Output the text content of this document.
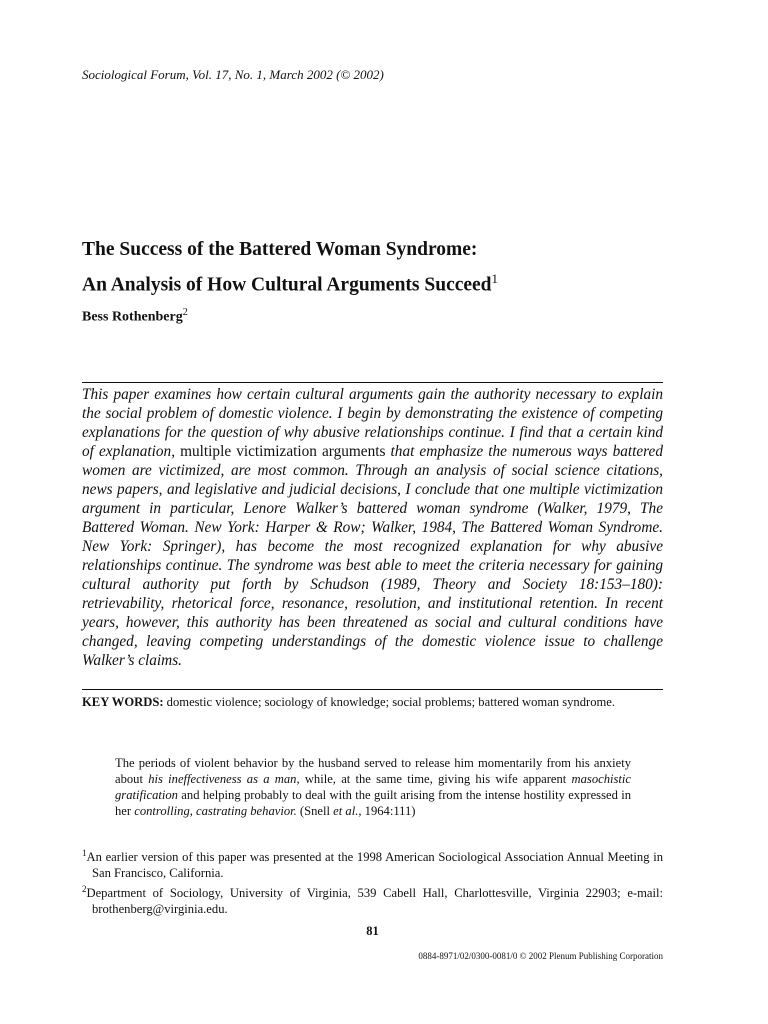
Sociological Forum, Vol. 17, No. 1, March 2002 (© 2002)
The Success of the Battered Woman Syndrome:
An Analysis of How Cultural Arguments Succeed$^1$
Bess Rothenberg$^2$

This paper examines how certain cultural arguments gain the authority necessary to explain the social problem of domestic violence. I begin by demonstrating the existence of competing explanations for the question of why abusive relationships continue. I find that a certain kind of explanation, multiple victimization arguments that emphasize the numerous ways battered women are victimized, are most common. Through an analysis of social science citations, news papers, and legislative and judicial decisions, I conclude that one multiple victimization argument in particular, Lenore Walker’s battered woman syndrome (Walker, 1979, The Battered Woman. New York: Harper & Row; Walker, 1984, The Battered Woman Syndrome. New York: Springer), has become the most recognized explanation for why abusive relationships continue. The syndrome was best able to meet the criteria necessary for gaining cultural authority put forth by Schudson (1989, Theory and Society 18:153–180): retrievability, rhetorical force, resonance, resolution, and institutional retention. In recent years, however, this authority has been threatened as social and cultural conditions have changed, leaving competing understandings of the domestic violence issue to challenge Walker’s claims.

KEY WORDS: domestic violence; sociology of knowledge; social problems; battered woman syndrome.

The periods of violent behavior by the husband served to release him momentarily from his anxiety about his ineffectiveness as a man, while, at the same time, giving his wife apparent masochistic gratification and helping probably to deal with the guilt arising from the intense hostility expressed in her controlling, castrating behavior. (Snell et al., 1964:111)

$^1$An earlier version of this paper was presented at the 1998 American Sociological Association Annual Meeting in San Francisco, California.

$^2$Department of Sociology, University of Virginia, 539 Cabell Hall, Charlottesville, Virginia 22903; e-mail: brothenberg@virginia.edu.

81
0884-8971/02/0300-0081/0 © 2002 Plenum Publishing Corporation
